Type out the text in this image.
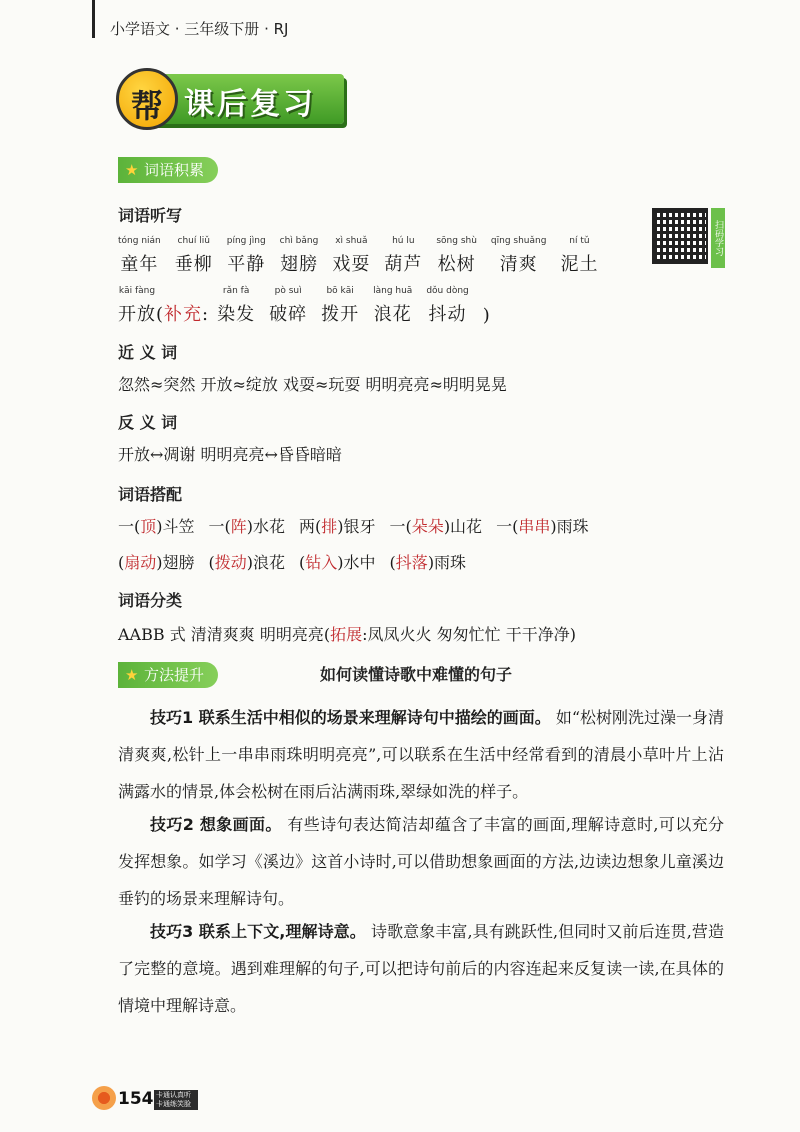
小学语文 · 三年级下册 · RJ
课后复习
帮
★ 词语积累
扫码学习
词语听写
tóng nián
童年
chuí liǔ
垂柳
píng jìng
平静
chì bǎng
翅膀
xì shuǎ
戏耍
hú lu
葫芦
sōng shù
松树
qīng shuǎng
清爽
ní tǔ
泥土
kāi fàng
开放 (补充:
rǎn fà
染发
pò suì
破碎
bō kāi
拨开
làng huā
浪花
dǒu dòng
抖动 )
近 义 词
忽然≈突然 开放≈绽放 戏耍≈玩耍 明明亮亮≈明明晃晃
反 义 词
开放↔凋谢 明明亮亮↔昏昏暗暗
词语搭配
一(顶)斗笠 一(阵)水花 两(排)银牙 一(朵朵)山花 一(串串)雨珠
(扇动)翅膀 (拨动)浪花 (钻入)水中 (抖落)雨珠
词语分类
AABB 式 清清爽爽 明明亮亮(拓展:凤凤火火 匆匆忙忙 干干净净)
★ 方法提升	如何读懂诗歌中难懂的句子
技巧1 联系生活中相似的场景来理解诗句中描绘的画面。 如“松树刚洗过澡一身清清爽爽,松针上一串串雨珠明明亮亮”,可以联系在生活中经常看到的清晨小草叶片上沾满露水的情景,体会松树在雨后沾满雨珠,翠绿如洗的样子。
技巧2 想象画面。 有些诗句表达简洁却蕴含了丰富的画面,理解诗意时,可以充分发挥想象。如学习《溪边》这首小诗时,可以借助想象画面的方法,边读边想象儿童溪边垂钓的场景来理解诗句。
技巧3 联系上下文,理解诗意。 诗歌意象丰富,具有跳跃性,但同时又前后连贯,营造了完整的意境。遇到难理解的句子,可以把诗句前后的内容连起来反复读一读,在具体的情境中理解诗意。
154 卡通认真听 卡通练笑脸
